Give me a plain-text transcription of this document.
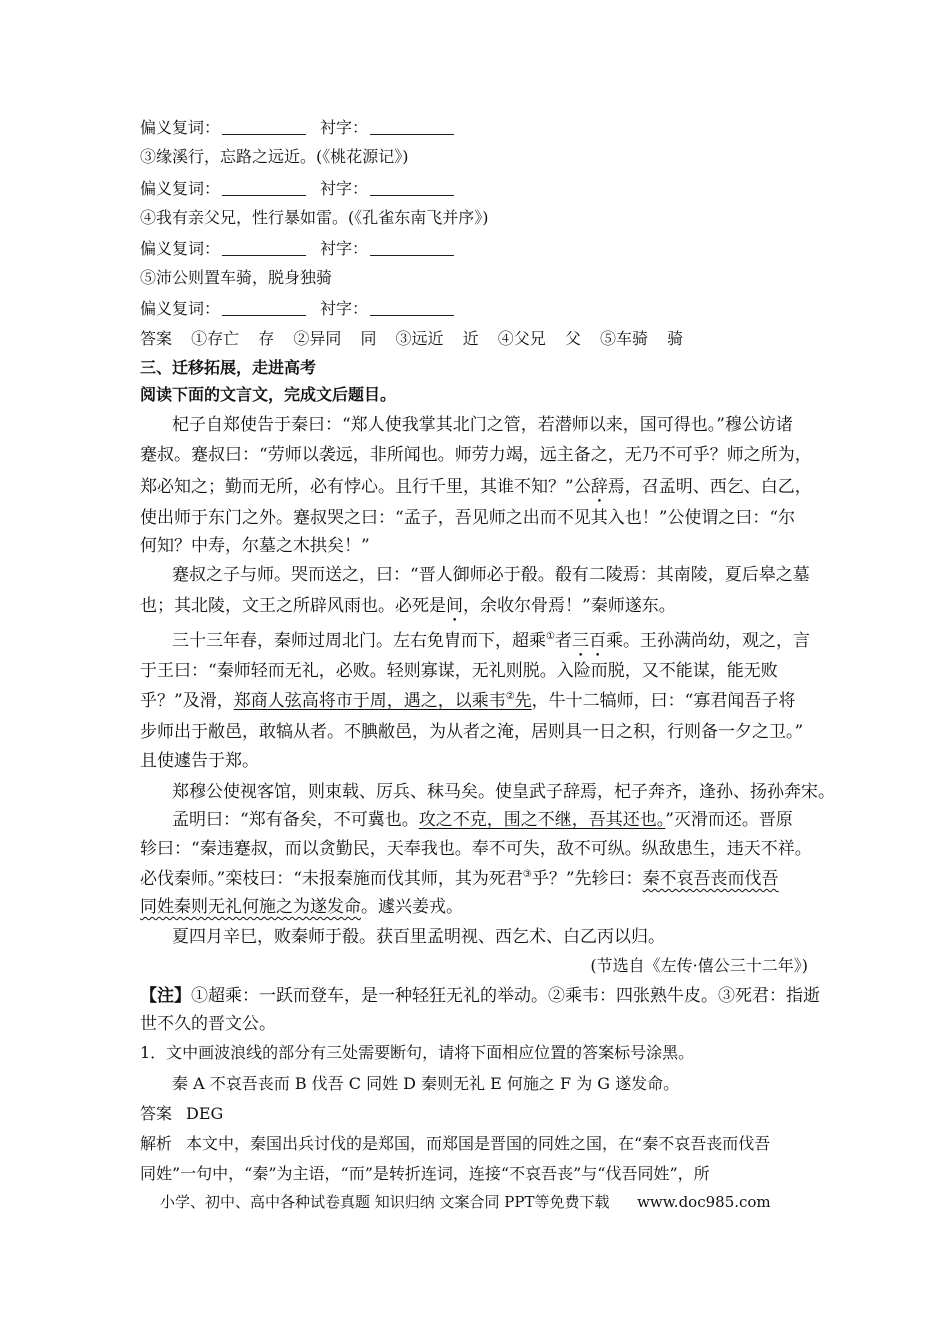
偏义复词：	衬字：
③缘溪行，忘路之远近。(《桃花源记》)
偏义复词：	衬字：
④我有亲父兄，性行暴如雷。(《孔雀东南飞并序》)
偏义复词：	衬字：
⑤沛公则置车骑，脱身独骑
偏义复词：	衬字：
答案 ①存亡 存 ②异同 同 ③远近 近 ④父兄 父 ⑤车骑 骑
三、迁移拓展，走进高考
阅读下面的文言文，完成文后题目。
杞子自郑使告于秦曰：“郑人使我掌其北门之管，若潜师以来，国可得也。”穆公访诸
蹇叔。蹇叔曰：“劳师以袭远，非所闻也。师劳力竭，远主备之，无乃不可乎？师之所为，
郑必知之；勤而无所，必有悖心。且行千里，其谁不知？”公辞焉，召孟明、西乞、白乙，
使出师于东门之外。蹇叔哭之曰：“孟子，吾见师之出而不见其入也！”公使谓之曰：“尔
何知？中寿，尔墓之木拱矣！”
蹇叔之子与师。哭而送之，曰：“晋人御师必于殽。殽有二陵焉：其南陵，夏后皋之墓
也；其北陵，文王之所辟风雨也。必死是间，余收尔骨焉！”秦师遂东。
三十三年春，秦师过周北门。左右免胄而下，超乘①者三百乘。王孙满尚幼，观之，言
于王曰：“秦师轻而无礼，必败。轻则寡谋，无礼则脱。入险而脱，又不能谋，能无败
乎？”及滑，郑商人弦高将市于周，遇之，以乘韦②先，牛十二犒师，曰：“寡君闻吾子将
步师出于敝邑，敢犒从者。不腆敝邑，为从者之淹，居则具一日之积，行则备一夕之卫。”
且使遽告于郑。
郑穆公使视客馆，则束载、厉兵、秣马矣。使皇武子辞焉，杞子奔齐，逢孙、扬孙奔宋。
孟明曰：“郑有备矣，不可冀也。攻之不克，围之不继，吾其还也。”灭滑而还。晋原
轸曰：“秦违蹇叔，而以贪勤民，天奉我也。奉不可失，敌不可纵。纵敌患生，违天不祥。
必伐秦师。”栾枝曰：“未报秦施而伐其师，其为死君③乎？”先轸曰：秦不哀吾丧而伐吾
同姓秦则无礼何施之为遂发命。遽兴姜戎。
夏四月辛巳，败秦师于殽。获百里孟明视、西乞术、白乙丙以归。
(节选自《左传·僖公三十二年》)
【注】①超乘：一跃而登车，是一种轻狂无礼的举动。②乘韦：四张熟牛皮。③死君：指逝
世不久的晋文公。
1．文中画波浪线的部分有三处需要断句，请将下面相应位置的答案标号涂黑。
秦 A 不哀吾丧而 B 伐吾 C 同姓 D 秦则无礼 E 何施之 F 为 G 遂发命。
答案 DEG
解析 本文中，秦国出兵讨伐的是郑国，而郑国是晋国的同姓之国，在“秦不哀吾丧而伐吾
同姓”一句中，“秦”为主语，“而”是转折连词，连接“不哀吾丧”与“伐吾同姓”，所
小学、初中、高中各种试卷真题 知识归纳 文案合同 PPT等免费下载 www.doc985.com
